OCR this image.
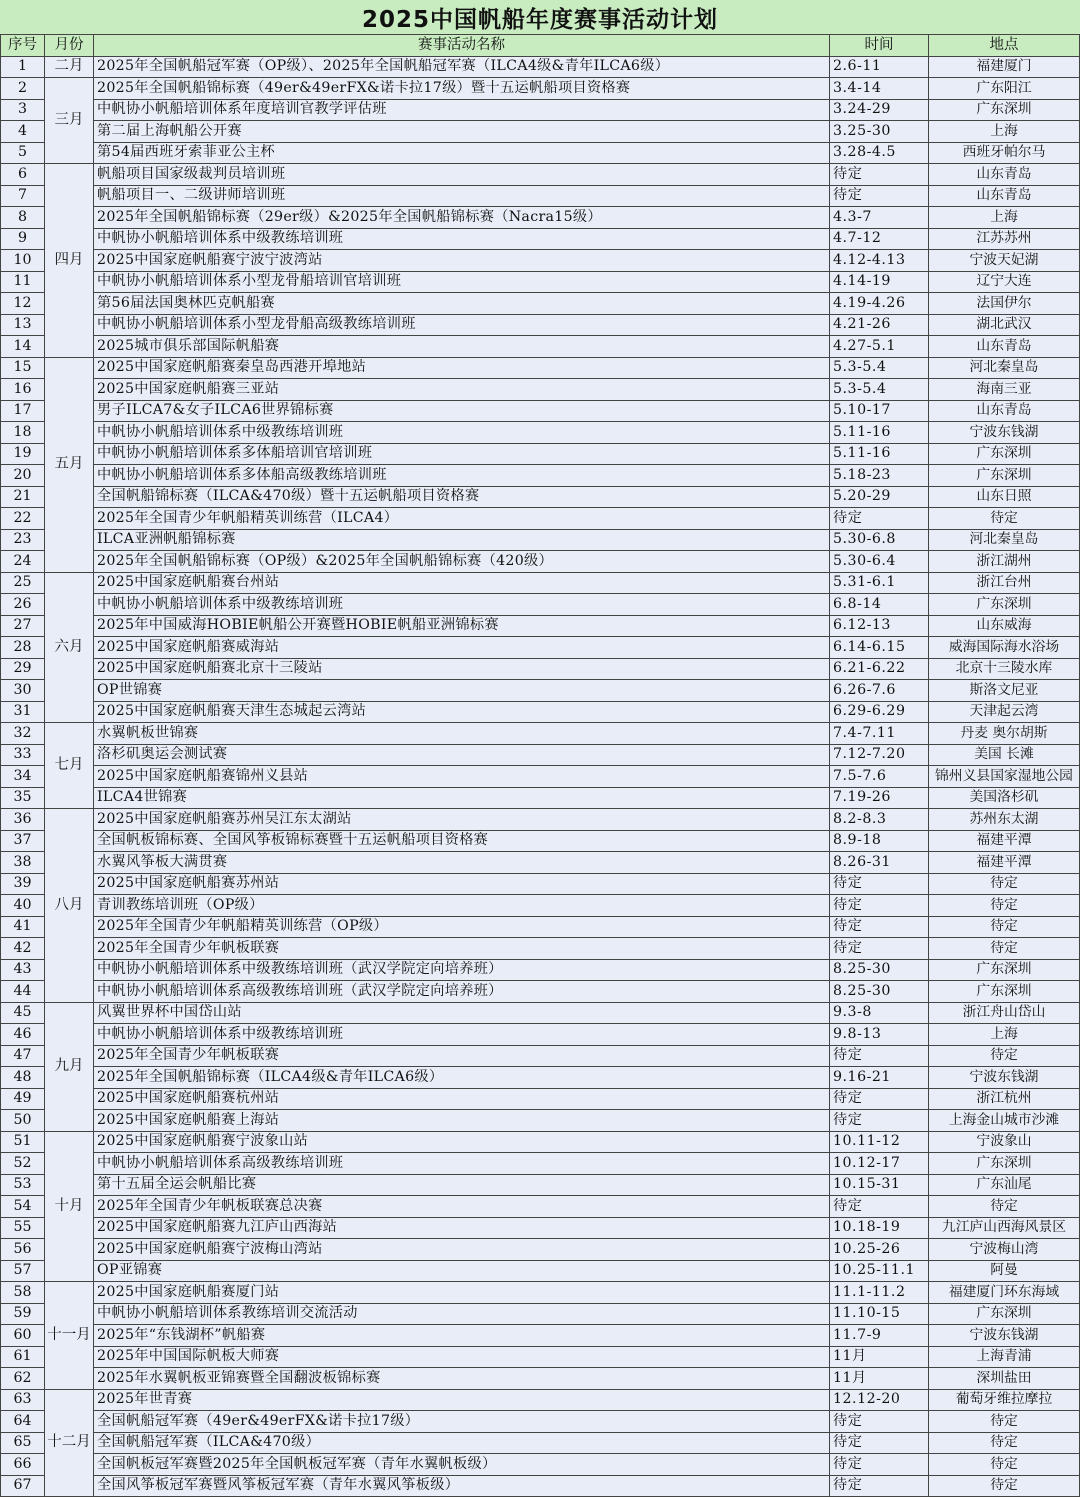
2025中国帆船年度赛事活动计划
序号	月份	赛事活动名称	时间	地点
1	二月	2025年全国帆船冠军赛（OP级）、2025年全国帆船冠军赛（ILCA4级&青年ILCA6级）	2.6-11	福建厦门
2	三月	2025年全国帆船锦标赛（49er&49erFX&诺卡拉17级）暨十五运帆船项目资格赛	3.4-14	广东阳江
3		中帆协小帆船培训体系年度培训官教学评估班	3.24-29	广东深圳
4		第二届上海帆船公开赛	3.25-30	上海
5		第54届西班牙索菲亚公主杯	3.28-4.5	西班牙帕尔马
6	四月	帆船项目国家级裁判员培训班	待定	山东青岛
7		帆船项目一、二级讲师培训班	待定	山东青岛
8		2025年全国帆船锦标赛（29er级）&2025年全国帆船锦标赛（Nacra15级）	4.3-7	上海
9		中帆协小帆船培训体系中级教练培训班	4.7-12	江苏苏州
10		2025中国家庭帆船赛宁波宁波湾站	4.12-4.13	宁波天妃湖
11		中帆协小帆船培训体系小型龙骨船培训官培训班	4.14-19	辽宁大连
12		第56届法国奥林匹克帆船赛	4.19-4.26	法国伊尔
13		中帆协小帆船培训体系小型龙骨船高级教练培训班	4.21-26	湖北武汉
14		2025城市俱乐部国际帆船赛	4.27-5.1	山东青岛
15	五月	2025中国家庭帆船赛秦皇岛西港开埠地站	5.3-5.4	河北秦皇岛
16		2025中国家庭帆船赛三亚站	5.3-5.4	海南三亚
17		男子ILCA7&女子ILCA6世界锦标赛	5.10-17	山东青岛
18		中帆协小帆船培训体系中级教练培训班	5.11-16	宁波东钱湖
19		中帆协小帆船培训体系多体船培训官培训班	5.11-16	广东深圳
20		中帆协小帆船培训体系多体船高级教练培训班	5.18-23	广东深圳
21		全国帆船锦标赛（ILCA&470级）暨十五运帆船项目资格赛	5.20-29	山东日照
22		2025年全国青少年帆船精英训练营（ILCA4）	待定	待定
23		ILCA亚洲帆船锦标赛	5.30-6.8	河北秦皇岛
24		2025年全国帆船锦标赛（OP级）&2025年全国帆船锦标赛（420级）	5.30-6.4	浙江湖州
25	六月	2025中国家庭帆船赛台州站	5.31-6.1	浙江台州
26		中帆协小帆船培训体系中级教练培训班	6.8-14	广东深圳
27		2025年中国威海HOBIE帆船公开赛暨HOBIE帆船亚洲锦标赛	6.12-13	山东威海
28		2025中国家庭帆船赛威海站	6.14-6.15	威海国际海水浴场
29		2025中国家庭帆船赛北京十三陵站	6.21-6.22	北京十三陵水库
30		OP世锦赛	6.26-7.6	斯洛文尼亚
31		2025中国家庭帆船赛天津生态城起云湾站	6.29-6.29	天津起云湾
32	七月	水翼帆板世锦赛	7.4-7.11	丹麦 奥尔胡斯
33		洛杉矶奥运会测试赛	7.12-7.20	美国 长滩
34		2025中国家庭帆船赛锦州义县站	7.5-7.6	锦州义县国家湿地公园
35		ILCA4世锦赛	7.19-26	美国洛杉矶
36	八月	2025中国家庭帆船赛苏州吴江东太湖站	8.2-8.3	苏州东太湖
37		全国帆板锦标赛、全国风筝板锦标赛暨十五运帆船项目资格赛	8.9-18	福建平潭
38		水翼风筝板大满贯赛	8.26-31	福建平潭
39		2025中国家庭帆船赛苏州站	待定	待定
40		青训教练培训班（OP级）	待定	待定
41		2025年全国青少年帆船精英训练营（OP级）	待定	待定
42		2025年全国青少年帆板联赛	待定	待定
43		中帆协小帆船培训体系中级教练培训班（武汉学院定向培养班）	8.25-30	广东深圳
44		中帆协小帆船培训体系高级教练培训班（武汉学院定向培养班）	8.25-30	广东深圳
45	九月	风翼世界杯中国岱山站	9.3-8	浙江舟山岱山
46		中帆协小帆船培训体系中级教练培训班	9.8-13	上海
47		2025年全国青少年帆板联赛	待定	待定
48		2025年全国帆船锦标赛（ILCA4级&青年ILCA6级）	9.16-21	宁波东钱湖
49		2025中国家庭帆船赛杭州站	待定	浙江杭州
50		2025中国家庭帆船赛上海站	待定	上海金山城市沙滩
51	十月	2025中国家庭帆船赛宁波象山站	10.11-12	宁波象山
52		中帆协小帆船培训体系高级教练培训班	10.12-17	广东深圳
53		第十五届全运会帆船比赛	10.15-31	广东汕尾
54		2025年全国青少年帆板联赛总决赛	待定	待定
55		2025中国家庭帆船赛九江庐山西海站	10.18-19	九江庐山西海风景区
56		2025中国家庭帆船赛宁波梅山湾站	10.25-26	宁波梅山湾
57		OP亚锦赛	10.25-11.1	阿曼
58	十一月	2025中国家庭帆船赛厦门站	11.1-11.2	福建厦门环东海域
59		中帆协小帆船培训体系教练培训交流活动	11.10-15	广东深圳
60		2025年“东钱湖杯”帆船赛	11.7-9	宁波东钱湖
61		2025年中国国际帆板大师赛	11月	上海青浦
62		2025年水翼帆板亚锦赛暨全国翻波板锦标赛	11月	深圳盐田
63	十二月	2025年世青赛	12.12-20	葡萄牙维拉摩拉
64		全国帆船冠军赛（49er&49erFX&诺卡拉17级）	待定	待定
65		全国帆船冠军赛（ILCA&470级）	待定	待定
66		全国帆板冠军赛暨2025年全国帆板冠军赛（青年水翼帆板级）	待定	待定
67		全国风筝板冠军赛暨风筝板冠军赛（青年水翼风筝板级）	待定	待定
